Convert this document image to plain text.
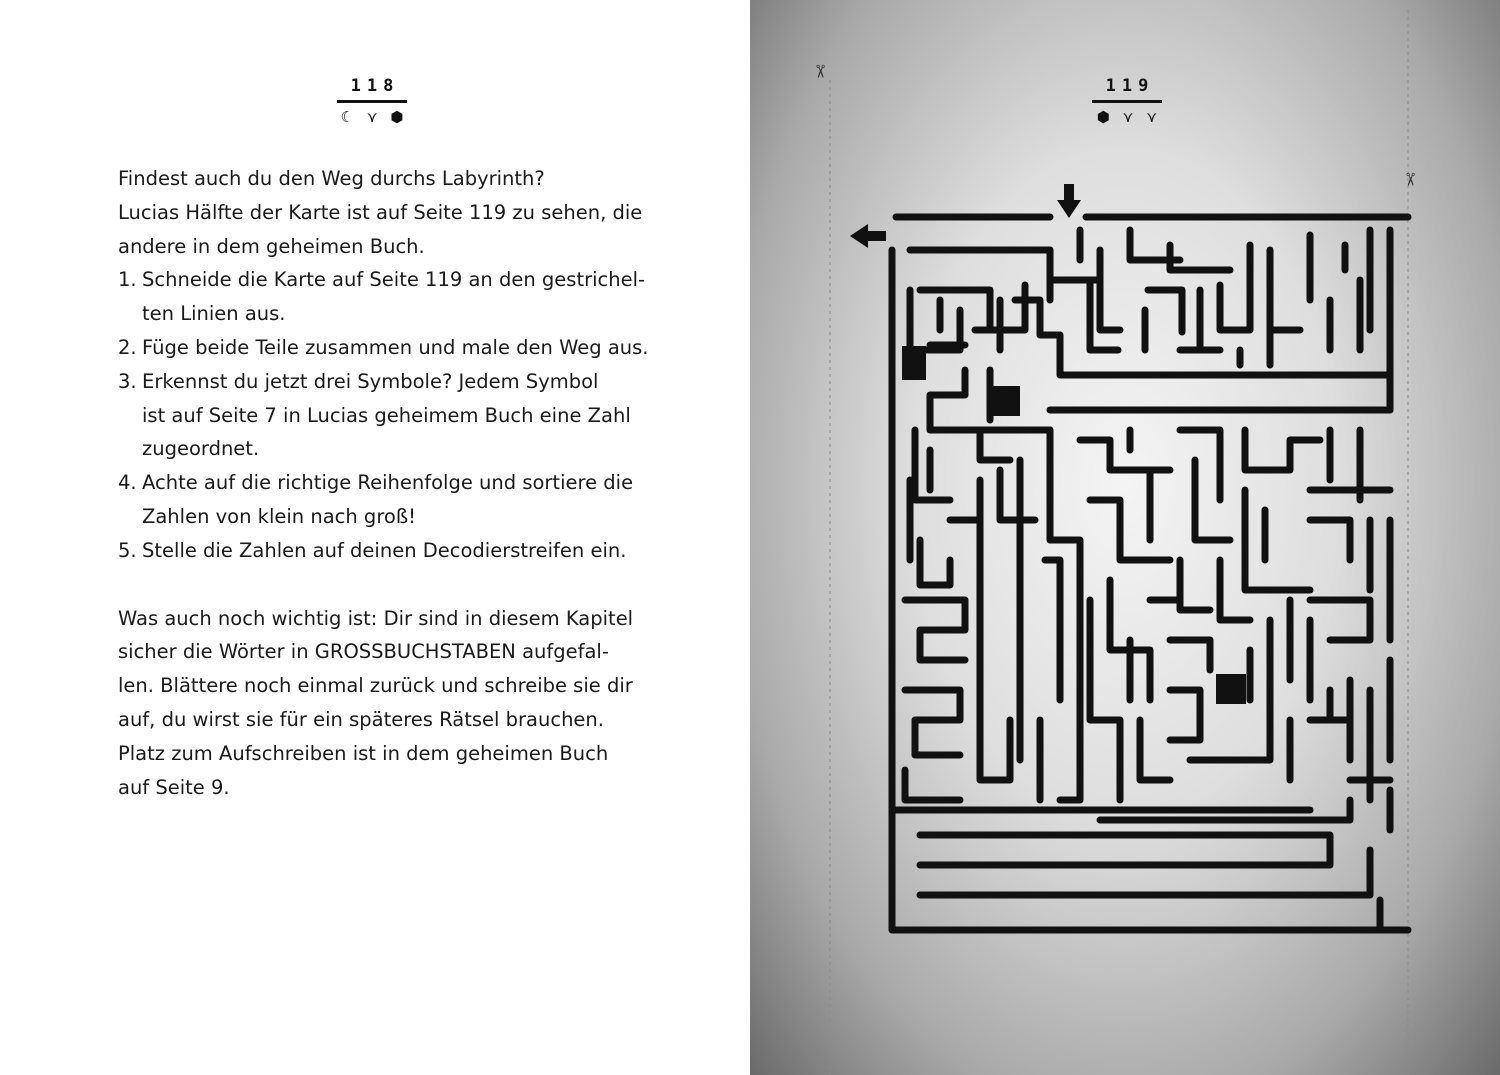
118
☾ ⋎ ⬢

Findest auch du den Weg durchs Labyrinth?

Lucias Hälfte der Karte ist auf Seite 119 zu sehen, die

andere in dem geheimen Buch.

1. Schneide die Karte auf Seite 119 an den gestrichel-
ten Linien aus.
2. Füge beide Teile zusammen und male den Weg aus.
3. Erkennst du jetzt drei Symbole? Jedem Symbol
ist auf Seite 7 in Lucias geheimem Buch eine Zahl
zugeordnet.
4. Achte auf die richtige Reihenfolge und sortiere die
Zahlen von klein nach groß!
5. Stelle die Zahlen auf deinen Decodierstreifen ein.

Was auch noch wichtig ist: Dir sind in diesem Kapitel

sicher die Wörter in GROSSBUCHSTABEN aufgefal-

len. Blättere noch einmal zurück und schreibe sie dir

auf, du wirst sie für ein späteres Rätsel brauchen.

Platz zum Aufschreiben ist in dem geheimen Buch

auf Seite 9.

119
⬢ ⋎ ⋎
✂
✂
